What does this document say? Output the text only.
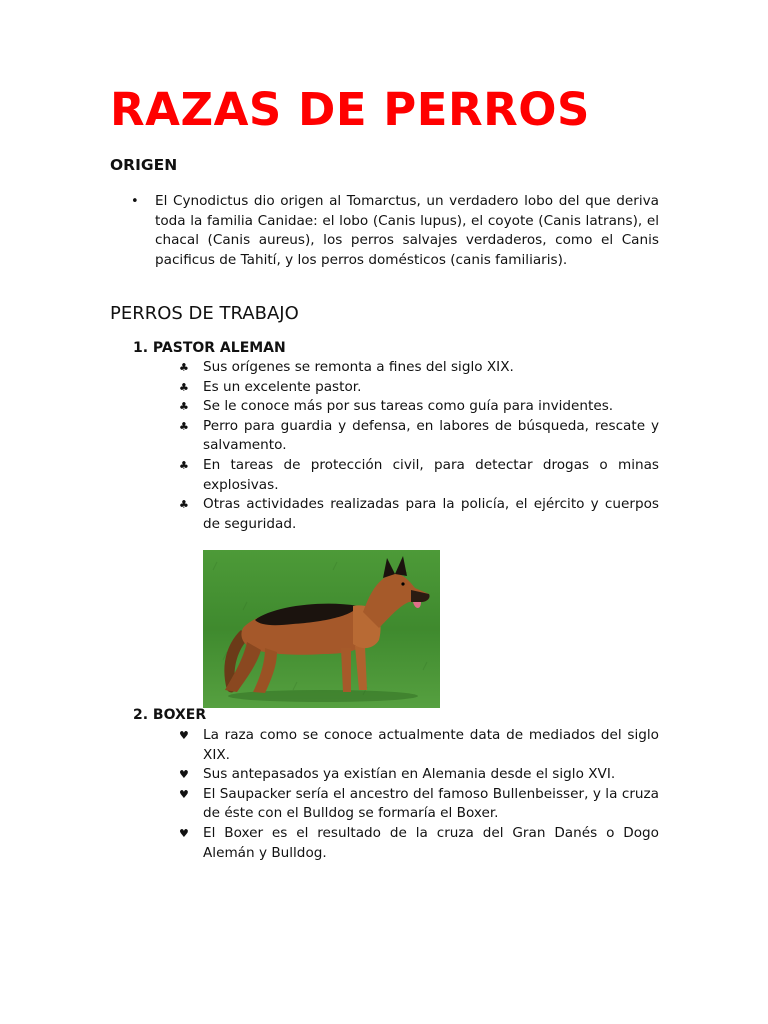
RAZAS DE PERROS
ORIGEN
• El Cynodictus dio origen al Tomarctus, un verdadero lobo del que deriva toda la familia Canidae: el lobo (Canis lupus), el coyote (Canis latrans), el chacal (Canis aureus), los perros salvajes verdaderos, como el Canis pacificus de Tahití, y los perros domésticos (canis familiaris).
PERROS DE TRABAJO
1. PASTOR ALEMAN
♣ Sus orígenes se remonta a fines del siglo XIX.
♣ Es un excelente pastor.
♣ Se le conoce más por sus tareas como guía para invidentes.
♣ Perro para guardia y defensa, en labores de búsqueda, rescate y salvamento.
♣ En tareas de protección civil, para detectar drogas o minas explosivas.
♣ Otras actividades realizadas para la policía, el ejército y cuerpos de seguridad.
2. BOXER
♥ La raza como se conoce actualmente data de mediados del siglo XIX.
♥ Sus antepasados ya existían en Alemania desde el siglo XVI.
♥ El Saupacker sería el ancestro del famoso Bullenbeisser, y la cruza de éste con el Bulldog se formaría el Boxer.
♥ El Boxer es el resultado de la cruza del Gran Danés o Dogo Alemán y Bulldog.
